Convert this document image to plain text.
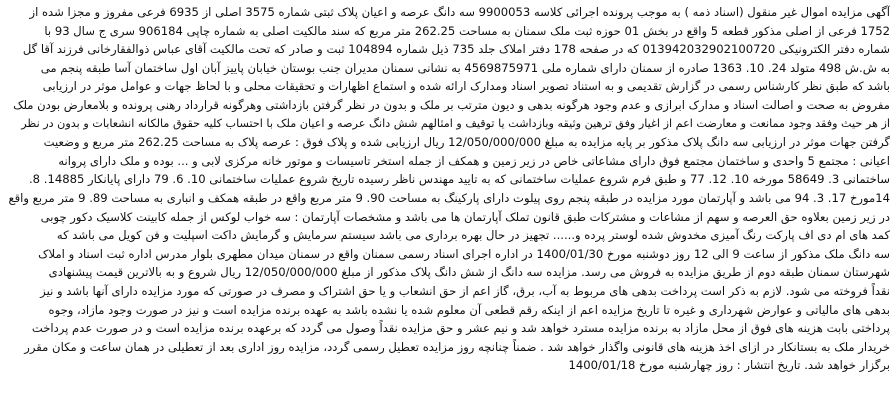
آگهی مزایده اموال غیر منقول (اسناد ذمه ) به موجب پرونده اجرائی کلاسه 9900053 سه دانگ عرصه و اعیان پلاک ثبتی شماره 3575 اصلی از 6935 فرعی مفروز و مجزا شده از
1752 فرعی از اصلی مذکور قطعه 5 واقع در بخش 01 حوزه ثبت ملک سمنان به مساحت 262.25 متر مربع که سند مالکیت اصلی به شماره چاپی 906184 سری ج سال 93 با
شماره دفتر الکترونیکی 013942032902100720 که در صفحه 178 دفتر املاک جلد 735 ذیل شماره 104894 ثبت و صادر که تحت مالکیت آقای عباس ذوالفقارخانی فرزند آقا گل
به ش.ش 498 متولد 24. 10. 1363 صادره از سمنان دارای شماره ملی 4569875971 به نشانی سمنان مدیران جنب بوستان خیابان پاییز آبان اول ساختمان آسا طبقه پنجم می
باشد که طبق نظر کارشناس رسمی در گزارش تقدیمی و به استناد تصویر اسناد ومدارک ارائه شده و استماع اظهارات و تحقیقات محلی و با لحاظ جهات و عوامل موثر در ارزیابی
مفروض به صحت و اصالت اسناد و مدارک ابرازی و عدم وجود هرگونه بدهی و دیون مترتب بر ملک و بدون در نظر گرفتن بازداشتی وهرگونه قرارداد رهنی پرونده و بلامعارض بودن ملک
از هر حیث وفقد وجود ممانعت و معارضت اعم از اغیار وفق ترهین وثیقه وبازداشت یا توقیف و امثالهم شش دانگ عرصه و اعیان ملک با احتساب کلیه حقوق مالکانه انشعابات و بدون در نظر
گرفتن جهات موثر در ارزیابی سه دانگ پلاک مذکور بر پایه مزایده به مبلغ 12/050/000/000 ریال ارزیابی شده و پلاک فوق : عرصه پلاک به مساحت 262.25 متر مربع و وضعیت
اعیانی : مجتمع 5 واحدی و ساختمان مجتمع فوق دارای مشاعاتی خاص در زیر زمین و همکف از جمله استخر تاسیسات و موتور خانه مرکزی لابی و ... بوده و ملک دارای پروانه
ساختمانی 3. 58649 مورخه 10. 12. 77 و طبق فرم شروع عملیات ساختمانی که به تایید مهندس ناظر رسیده تاریخ شروع عملیات ساختمانی 10. 6. 79 دارای پایانکار 14885. 8.
14مورخ 17. 3. 94 می باشد و آپارتمان مورد مزایده در طبقه پنجم روی پیلوت دارای پارکینگ به مساحت 90. 9 متر مربع واقع در طبقه همکف و انباری به مساحت 89. 9 متر مربع واقع
در زیر زمین بعلاوه حق العرصه و سهم از مشاعات و مشترکات طبق قانون تملک آپارتمان ها می باشد و مشخصات آپارتمان : سه خواب لوکس از جمله کابینت کلاسیک دکور چوبی
کمد های ام دی اف پارکت رنگ آمیزی مخدوش شده لوستر پرده و...... تجهیز در حال بهره برداری می باشد سیستم سرمایش و گرمایش داکت اسپلیت و فن کویل می باشد که
سه دانگ ملک مذکور از ساعت 9 الی 12 روز دوشنبه مورخ 1400/01/30 در اداره اجرای اسناد رسمی سمنان واقع در سمنان میدان مطهری بلوار مدرس اداره ثبت اسناد و املاک
شهرستان سمنان طبقه دوم از طریق مزایده به فروش می رسد. مزایده سه دانگ از شش دانگ پلاک مذکور از مبلغ 12/050/000/000 ریال شروع و به بالاترین قیمت پیشنهادی
نقداً فروخته می شود. لازم به ذکر است پرداخت بدهی های مربوط به آب، برق، گاز اعم از حق انشعاب و یا حق اشتراک و مصرف در صورتی که مورد مزایده دارای آنها باشد و نیز
بدهی های مالیاتی و عوارض شهرداری و غیره تا تاریخ مزایده اعم از اینکه رقم قطعی آن معلوم شده یا نشده باشد به عهده برنده مزایده است و نیز در صورت وجود مازاد، وجوه
پرداختی بابت هزینه های فوق از محل مازاد به برنده مزایده مسترد خواهد شد و نیم عشر و حق مزایده نقداً وصول می گردد که برعهده برنده مزایده است و در صورت عدم پرداخت
خریدار ملک به بستانکار در ازای اخذ هزینه های قانونی واگذار خواهد شد . ضمناً چنانچه روز مزایده تعطیل رسمی گردد، مزایده روز اداری بعد از تعطیلی در همان ساعت و مکان مقرر
برگزار خواهد شد. تاریخ انتشار : روز چهارشنبه مورخ 1400/01/18
